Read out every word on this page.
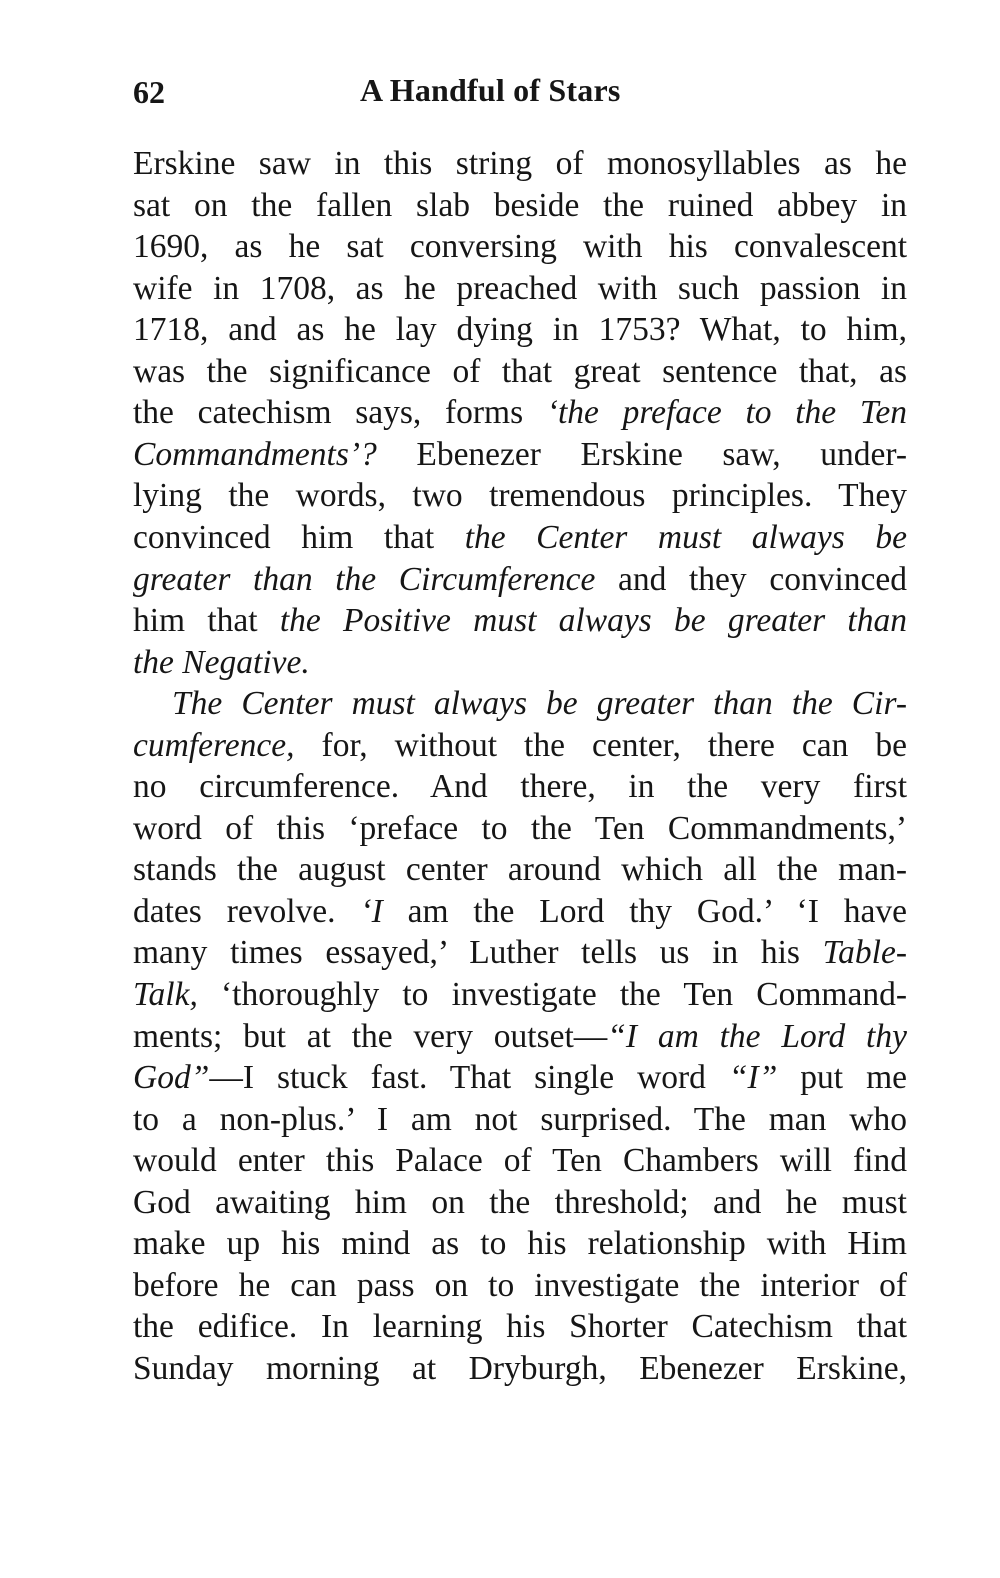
62	A Handful of Stars
Erskine saw in this string of monosyllables as he
sat on the fallen slab beside the ruined abbey in
1690, as he sat conversing with his convalescent
wife in 1708, as he preached with such passion in
1718, and as he lay dying in 1753? What, to him,
was the significance of that great sentence that, as
the catechism says, forms ‘the preface to the Ten
Commandments’? Ebenezer Erskine saw, under-
lying the words, two tremendous principles. They
convinced him that the Center must always be
greater than the Circumference and they convinced
him that the Positive must always be greater than
the Negative.
The Center must always be greater than the Cir-
cumference, for, without the center, there can be
no circumference. And there, in the very first
word of this ‘preface to the Ten Commandments,’
stands the august center around which all the man-
dates revolve. ‘I am the Lord thy God.’ ‘I have
many times essayed,’ Luther tells us in his Table-
Talk, ‘thoroughly to investigate the Ten Command-
ments; but at the very outset—“I am the Lord thy
God”—I stuck fast. That single word “I” put me
to a non-plus.’ I am not surprised. The man who
would enter this Palace of Ten Chambers will find
God awaiting him on the threshold; and he must
make up his mind as to his relationship with Him
before he can pass on to investigate the interior of
the edifice. In learning his Shorter Catechism that
Sunday morning at Dryburgh, Ebenezer Erskine,
